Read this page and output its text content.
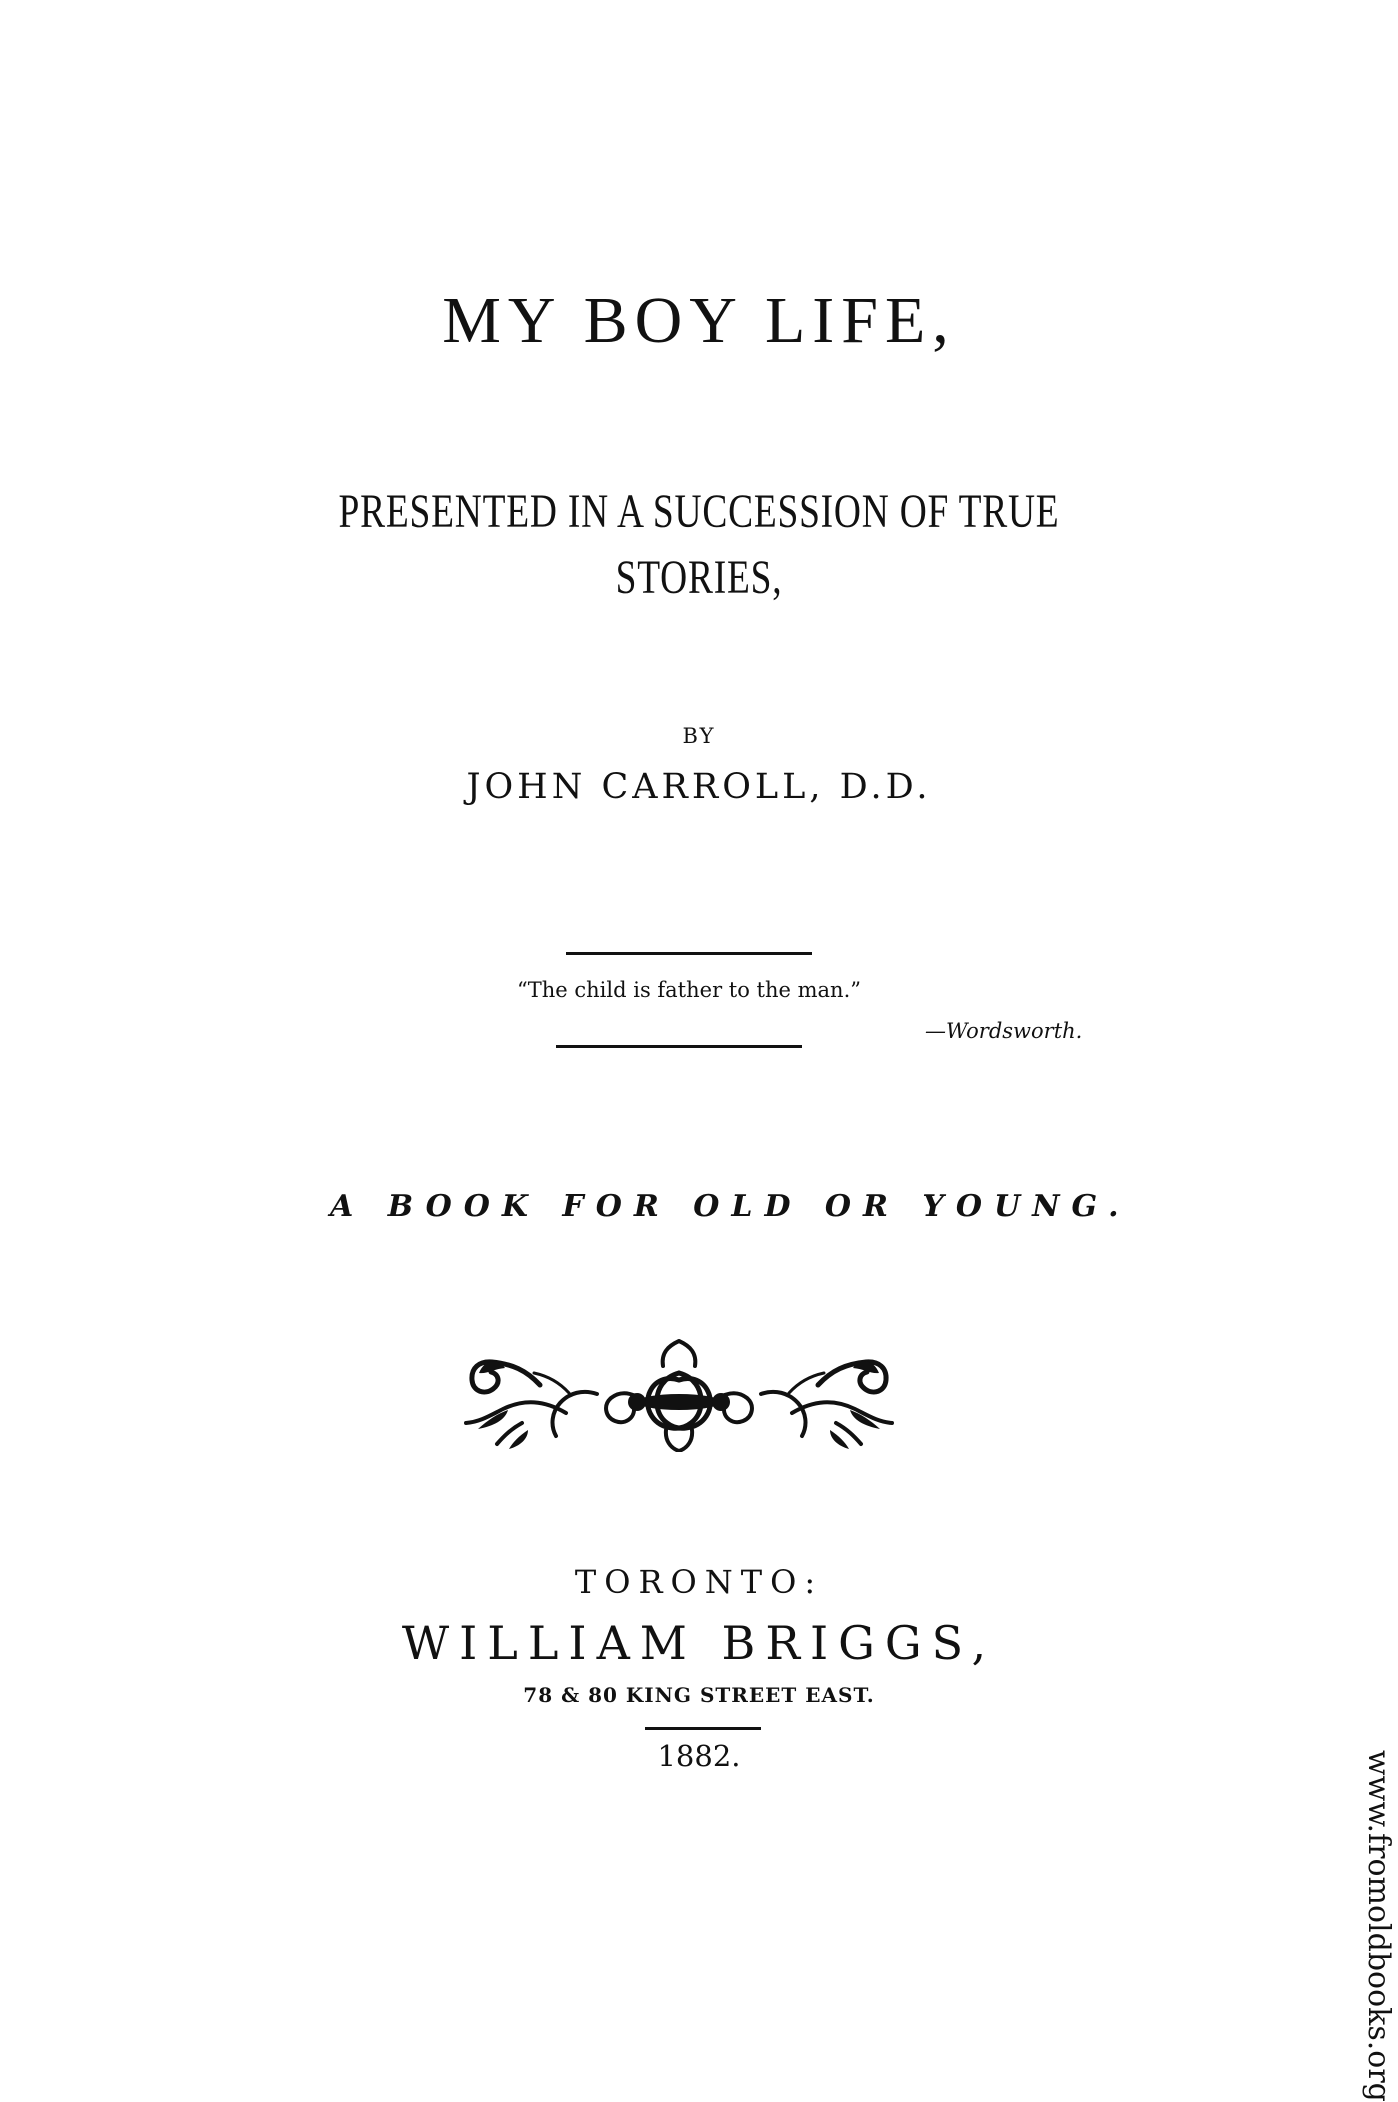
MY BOY LIFE,
PRESENTED IN A SUCCESSION OF TRUE
STORIES,
BY
JOHN CARROLL, D.D.
“The child is father to the man.”
—Wordsworth.
A BOOK FOR OLD OR YOUNG.
TORONTO:
WILLIAM BRIGGS,
78 & 80 KING STREET EAST.
1882.	www.fromoldbooks.org
